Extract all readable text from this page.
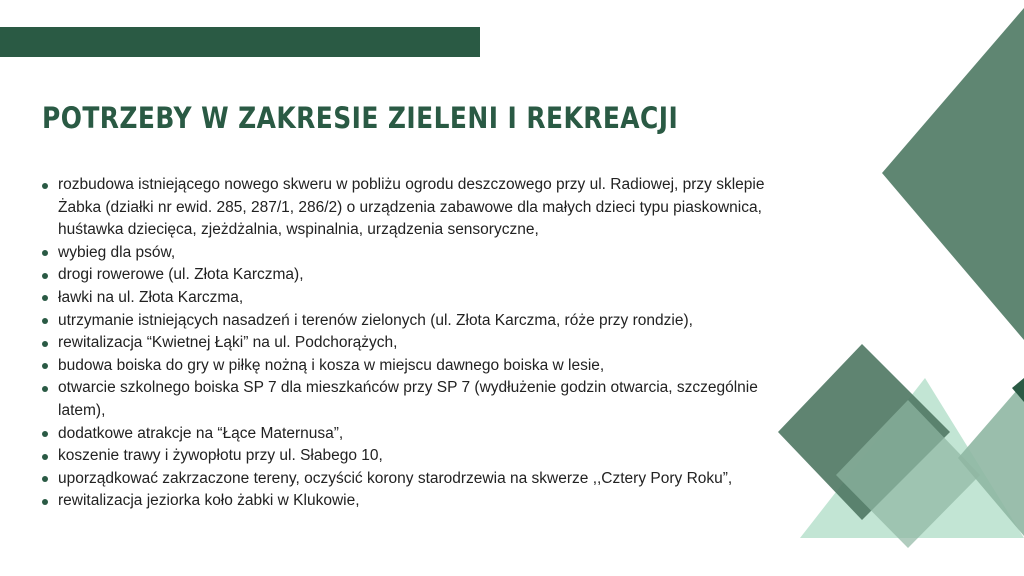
POTRZEBY W ZAKRESIE ZIELENI I REKREACJI
rozbudowa istniejącego nowego skweru w pobliżu ogrodu deszczowego przy ul. Radiowej, przy sklepie Żabka (działki nr ewid. 285, 287/1, 286/2) o urządzenia zabawowe dla małych dzieci typu piaskownica, huśtawka dziecięca, zjeżdżalnia, wspinalnia, urządzenia sensoryczne,
wybieg dla psów,
drogi rowerowe (ul. Złota Karczma),
ławki na ul. Złota Karczma,
utrzymanie istniejących nasadzeń i terenów zielonych (ul. Złota Karczma, róże przy rondzie),
rewitalizacja “Kwietnej Łąki” na ul. Podchorążych,
budowa boiska do gry w piłkę nożną i kosza w miejscu dawnego boiska w lesie,
otwarcie szkolnego boiska SP 7 dla mieszkańców przy SP 7 (wydłużenie godzin otwarcia, szczególnie latem),
dodatkowe atrakcje na “Łące Maternusa”,
koszenie trawy i żywopłotu przy ul. Słabego 10,
uporządkować zakrzaczone tereny, oczyścić korony starodrzewia na skwerze ,,Cztery Pory Roku”,
rewitalizacja jeziorka koło żabki w Klukowie,
